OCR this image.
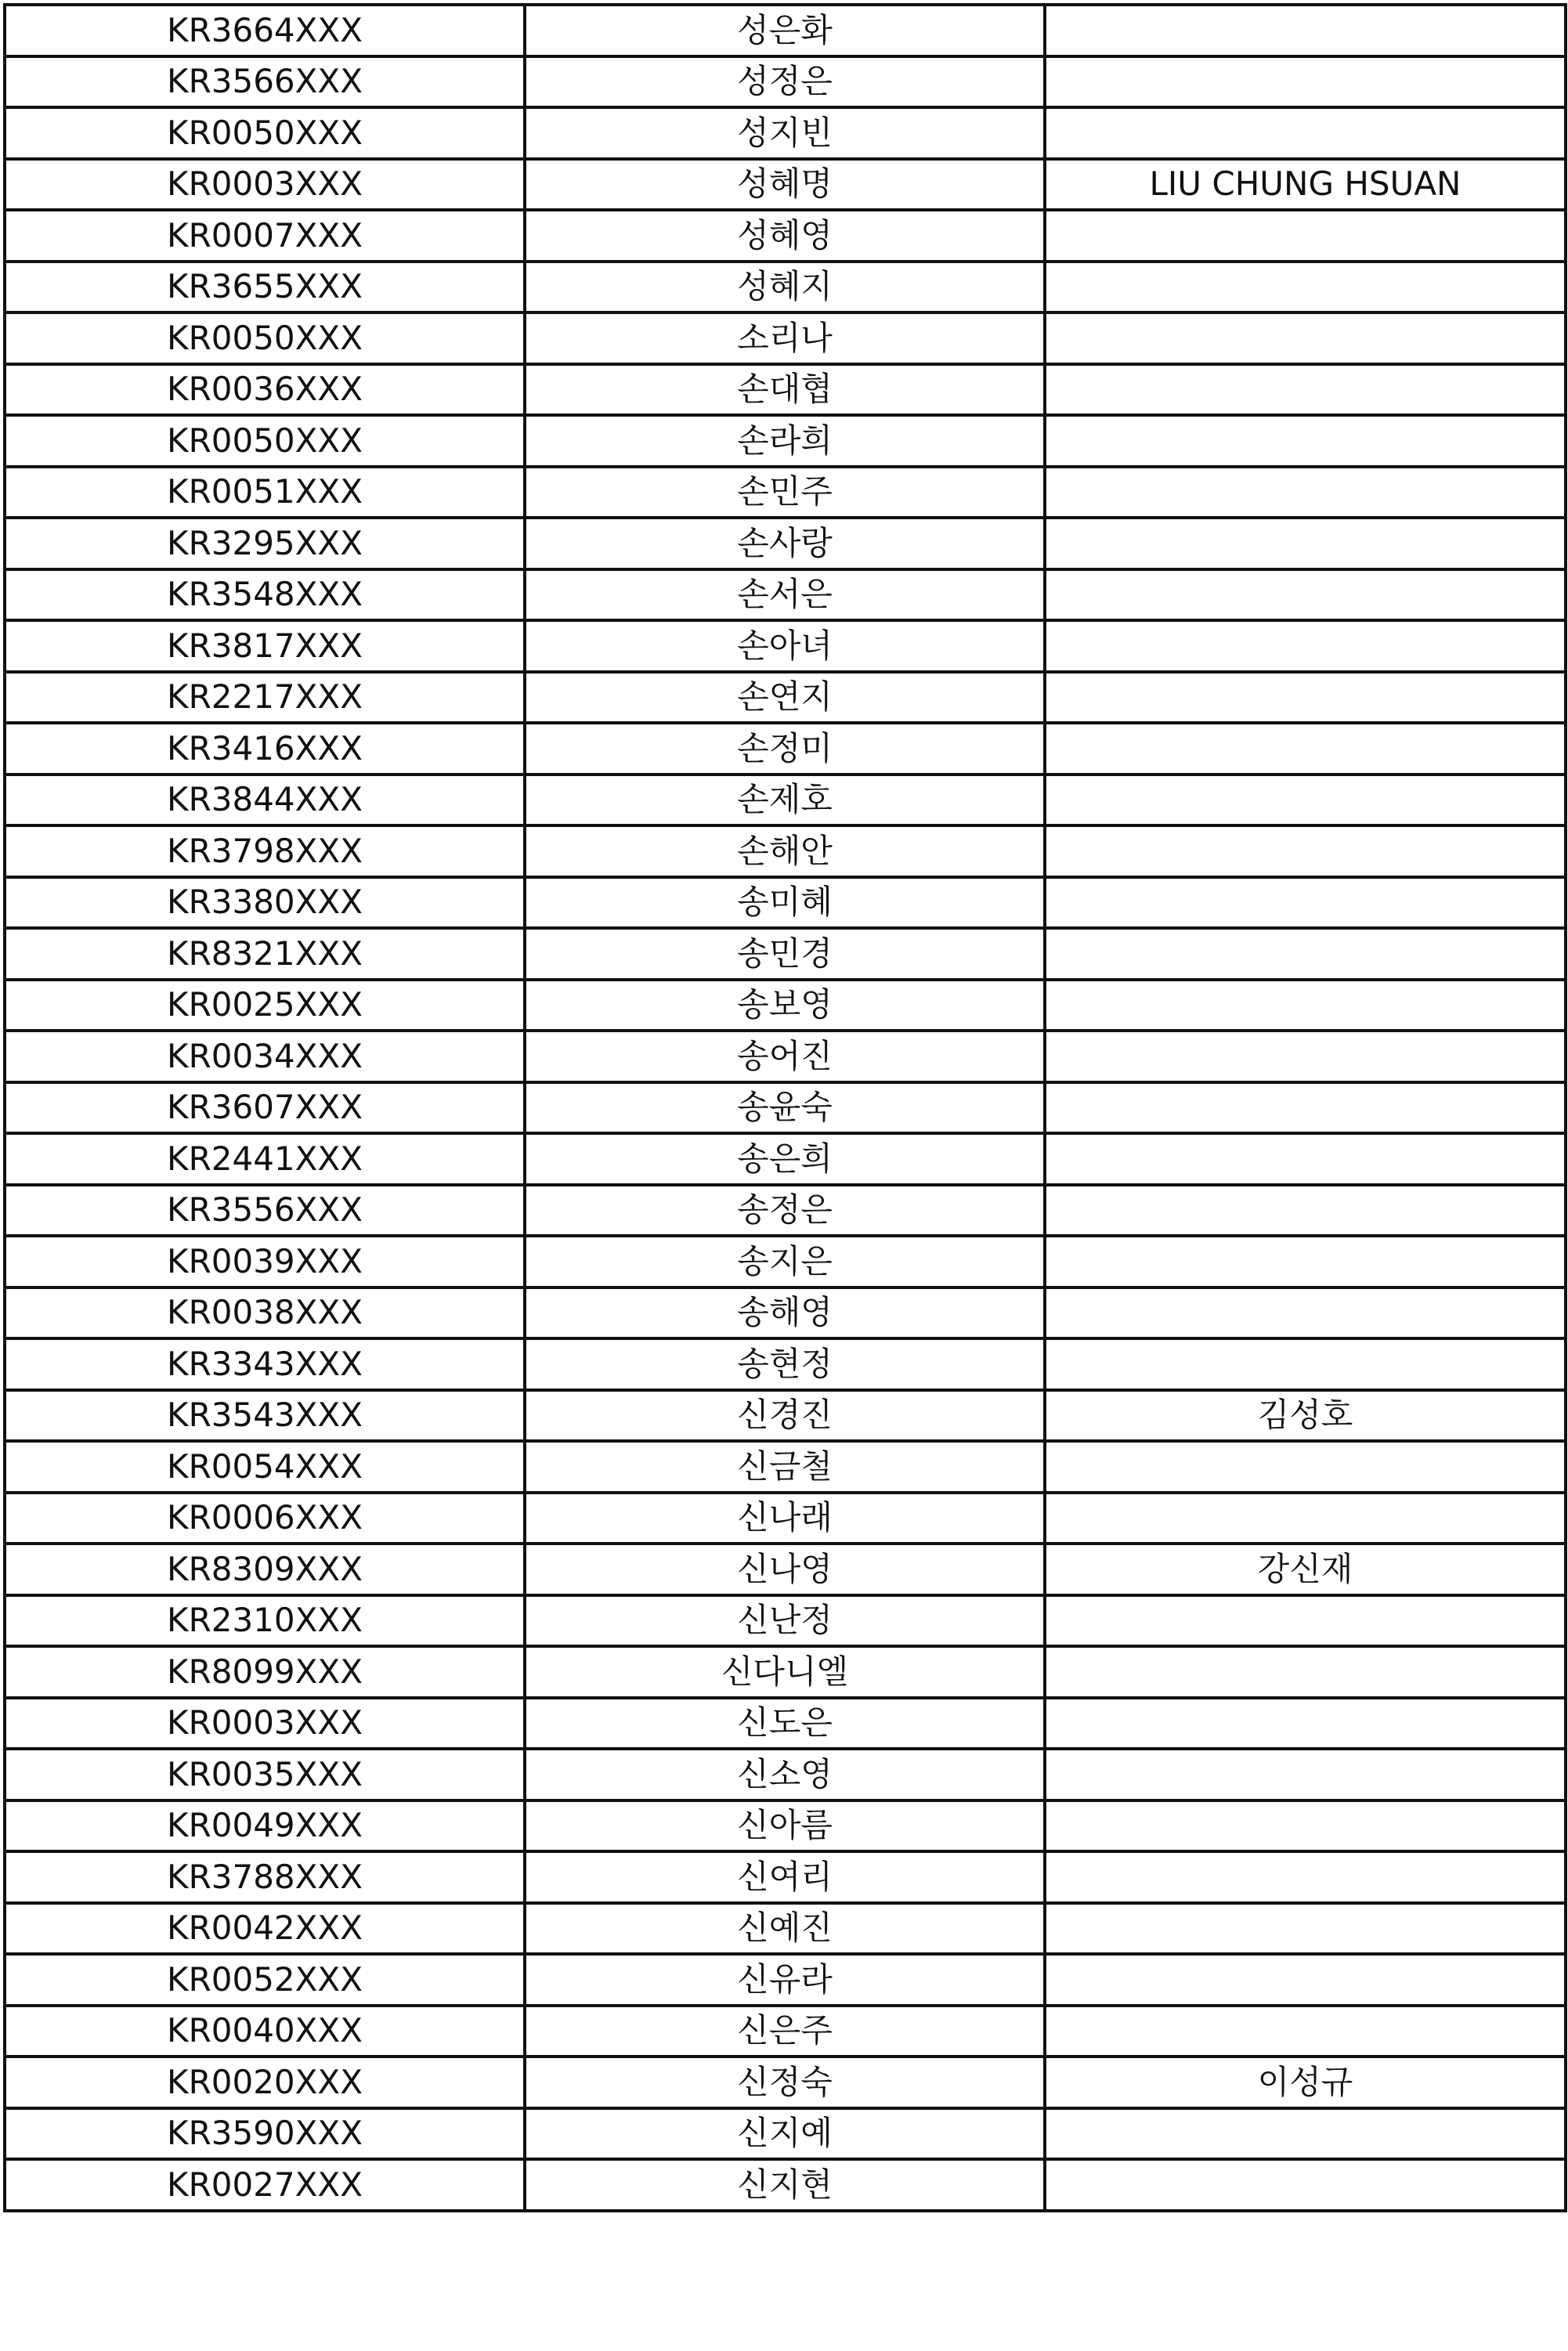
KR3664XXX	성은화	
KR3566XXX	성정은	
KR0050XXX	성지빈	
KR0003XXX	성혜명	LIU CHUNG HSUAN
KR0007XXX	성혜영	
KR3655XXX	성혜지	
KR0050XXX	소리나	
KR0036XXX	손대협	
KR0050XXX	손라희	
KR0051XXX	손민주	
KR3295XXX	손사랑	
KR3548XXX	손서은	
KR3817XXX	손아녀	
KR2217XXX	손연지	
KR3416XXX	손정미	
KR3844XXX	손제호	
KR3798XXX	손해안	
KR3380XXX	송미혜	
KR8321XXX	송민경	
KR0025XXX	송보영	
KR0034XXX	송어진	
KR3607XXX	송윤숙	
KR2441XXX	송은희	
KR3556XXX	송정은	
KR0039XXX	송지은	
KR0038XXX	송해영	
KR3343XXX	송현정	
KR3543XXX	신경진	김성호
KR0054XXX	신금철	
KR0006XXX	신나래	
KR8309XXX	신나영	강신재
KR2310XXX	신난정	
KR8099XXX	신다니엘	
KR0003XXX	신도은	
KR0035XXX	신소영	
KR0049XXX	신아름	
KR3788XXX	신여리	
KR0042XXX	신예진	
KR0052XXX	신유라	
KR0040XXX	신은주	
KR0020XXX	신정숙	이성규
KR3590XXX	신지예	
KR0027XXX	신지현	
